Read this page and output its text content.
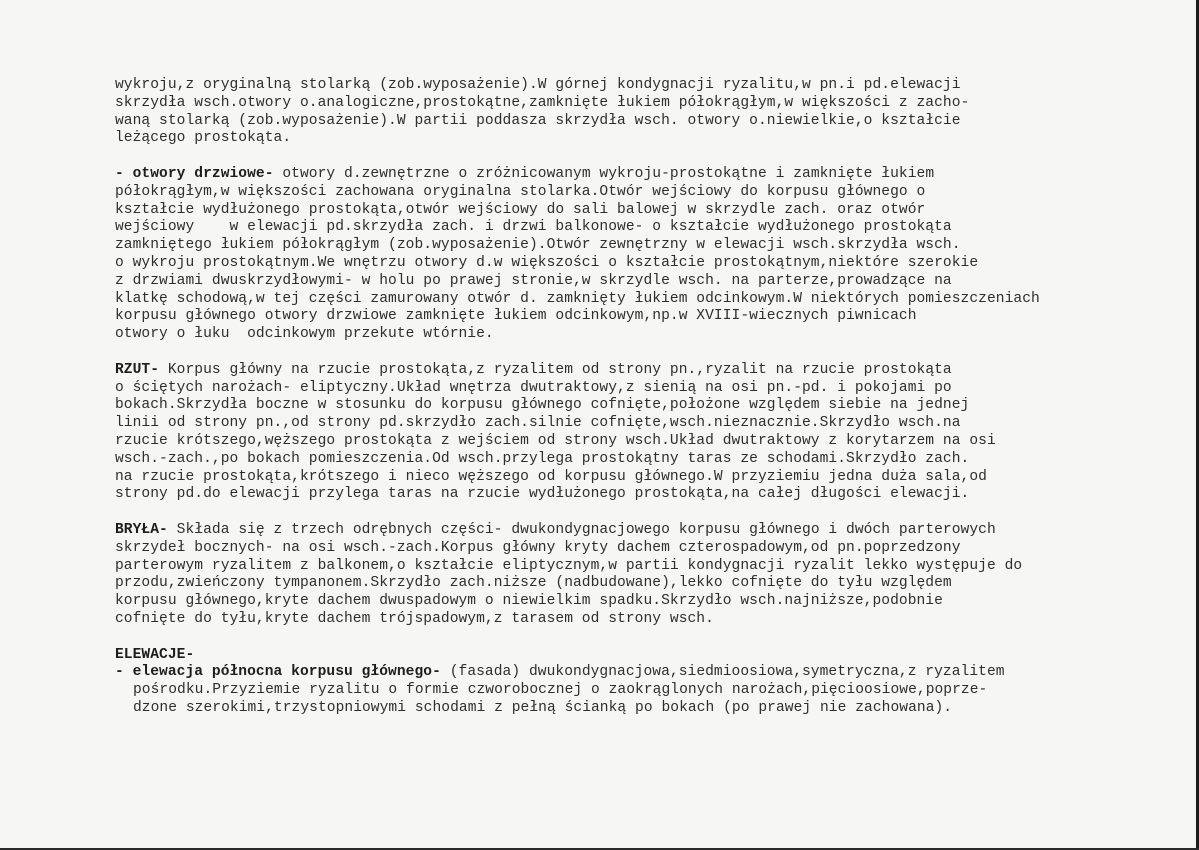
wykroju,z oryginalną stolarką (zob.wyposażenie).W górnej kondygnacji ryzalitu,w pn.i pd.elewacji
skrzydła wsch.otwory o.analogiczne,prostokątne,zamknięte łukiem półokrągłym,w większości z zacho-
waną stolarką (zob.wyposażenie).W partii poddasza skrzydła wsch. otwory o.niewielkie,o kształcie
leżącego prostokąta.
- otwory drzwiowe- otwory d.zewnętrzne o zróżnicowanym wykroju-prostokątne i zamknięte łukiem
półokrągłym,w większości zachowana oryginalna stolarka.Otwór wejściowy do korpusu głównego o
kształcie wydłużonego prostokąta,otwór wejściowy do sali balowej w skrzydle zach. oraz otwór
wejściowy    w elewacji pd.skrzydła zach. i drzwi balkonowe- o kształcie wydłużonego prostokąta
zamkniętego łukiem półokrągłym (zob.wyposażenie).Otwór zewnętrzny w elewacji wsch.skrzydła wsch.
o wykroju prostokątnym.We wnętrzu otwory d.w większości o kształcie prostokątnym,niektóre szerokie
z drzwiami dwuskrzydłowymi- w holu po prawej stronie,w skrzydle wsch. na parterze,prowadzące na
klatkę schodową,w tej części zamurowany otwór d. zamknięty łukiem odcinkowym.W niektórych pomieszczeniach
korpusu głównego otwory drzwiowe zamknięte łukiem odcinkowym,np.w XVIII-wiecznych piwnicach
otwory o łuku  odcinkowym przekute wtórnie.
RZUT- Korpus główny na rzucie prostokąta,z ryzalitem od strony pn.,ryzalit na rzucie prostokąta
o ściętych narożach- eliptyczny.Układ wnętrza dwutraktowy,z sienią na osi pn.-pd. i pokojami po
bokach.Skrzydła boczne w stosunku do korpusu głównego cofnięte,położone względem siebie na jednej
linii od strony pn.,od strony pd.skrzydło zach.silnie cofnięte,wsch.nieznacznie.Skrzydło wsch.na
rzucie krótszego,węższego prostokąta z wejściem od strony wsch.Układ dwutraktowy z korytarzem na osi
wsch.-zach.,po bokach pomieszczenia.Od wsch.przylega prostokątny taras ze schodami.Skrzydło zach.
na rzucie prostokąta,krótszego i nieco węższego od korpusu głównego.W przyziemiu jedna duża sala,od
strony pd.do elewacji przylega taras na rzucie wydłużonego prostokąta,na całej długości elewacji.
BRYŁA- Składa się z trzech odrębnych części- dwukondygnacjowego korpusu głównego i dwóch parterowych
skrzydeł bocznych- na osi wsch.-zach.Korpus główny kryty dachem czterospadowym,od pn.poprzedzony
parterowym ryzalitem z balkonem,o kształcie eliptycznym,w partii kondygnacji ryzalit lekko występuje do
przodu,zwieńczony tympanonem.Skrzydło zach.niższe (nadbudowane),lekko cofnięte do tyłu względem
korpusu głównego,kryte dachem dwuspadowym o niewielkim spadku.Skrzydło wsch.najniższe,podobnie
cofnięte do tyłu,kryte dachem trójspadowym,z tarasem od strony wsch.
ELEWACJE-
- elewacja północna korpusu głównego- (fasada) dwukondygnacjowa,siedmioosiowa,symetryczna,z ryzalitem
pośrodku.Przyziemie ryzalitu o formie czworobocznej o zaokrąglonych narożach,pięcioosiowe,poprze-
dzone szerokimi,trzystopniowymi schodami z pełną ścianką po bokach (po prawej nie zachowana).
